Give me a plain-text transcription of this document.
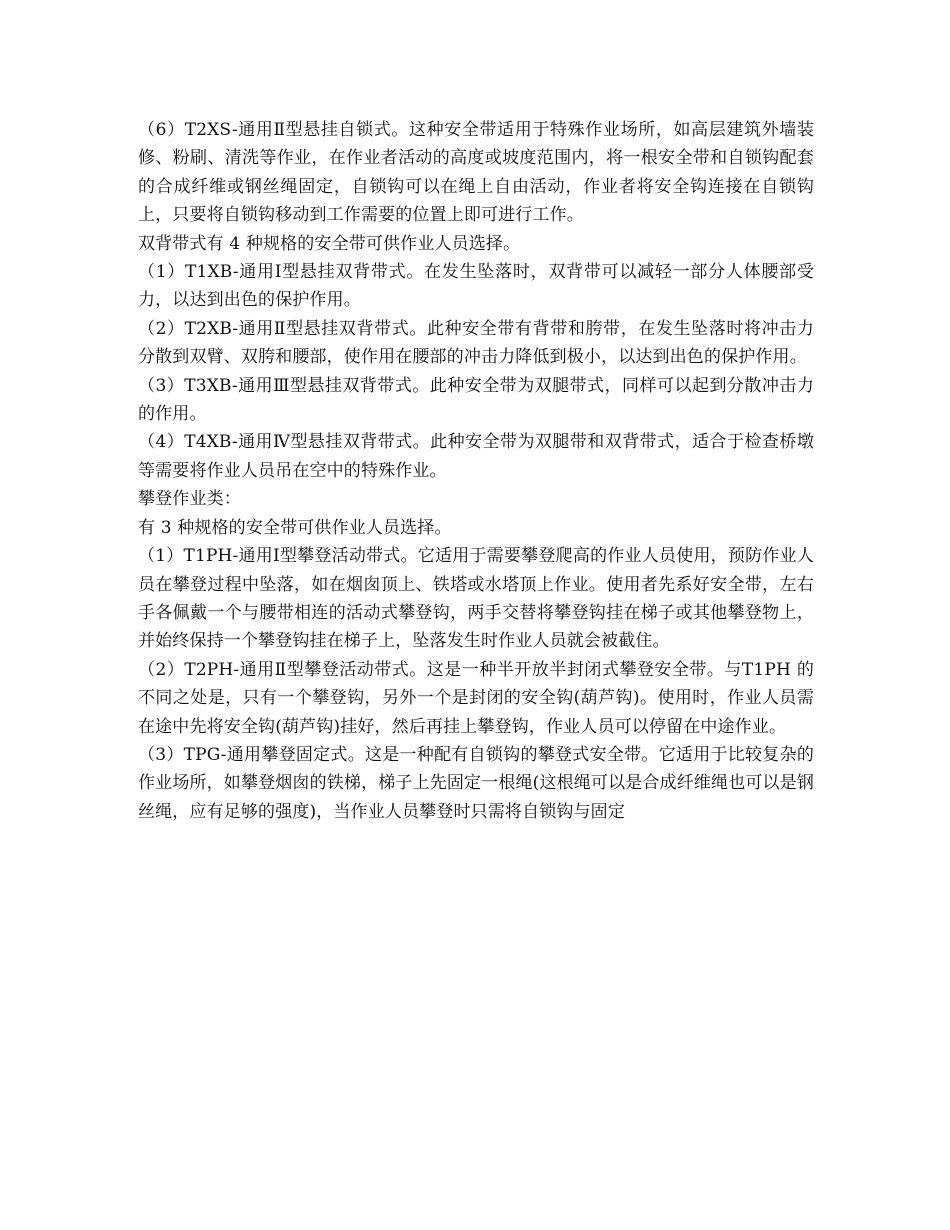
（6）T2XS-通用Ⅱ型悬挂自锁式。这种安全带适用于特殊作业场所，如高层建筑外墙装修、粉刷、清洗等作业，在作业者活动的高度或坡度范围内，将一根安全带和自锁钩配套的合成纤维或钢丝绳固定，自锁钩可以在绳上自由活动，作业者将安全钩连接在自锁钩上，只要将自锁钩移动到工作需要的位置上即可进行工作。

双背带式有 4 种规格的安全带可供作业人员选择。

（1）T1XB-通用Ⅰ型悬挂双背带式。在发生坠落时，双背带可以减轻一部分人体腰部受力，以达到出色的保护作用。

（2）T2XB-通用Ⅱ型悬挂双背带式。此种安全带有背带和胯带，在发生坠落时将冲击力分散到双臂、双胯和腰部，使作用在腰部的冲击力降低到极小，以达到出色的保护作用。

（3）T3XB-通用Ⅲ型悬挂双背带式。此种安全带为双腿带式，同样可以起到分散冲击力的作用。

（4）T4XB-通用Ⅳ型悬挂双背带式。此种安全带为双腿带和双背带式，适合于检查桥墩等需要将作业人员吊在空中的特殊作业。

攀登作业类：

有 3 种规格的安全带可供作业人员选择。

（1）T1PH-通用Ⅰ型攀登活动带式。它适用于需要攀登爬高的作业人员使用，预防作业人员在攀登过程中坠落，如在烟囱顶上、铁塔或水塔顶上作业。使用者先系好安全带，左右手各佩戴一个与腰带相连的活动式攀登钩，两手交替将攀登钩挂在梯子或其他攀登物上，并始终保持一个攀登钩挂在梯子上，坠落发生时作业人员就会被截住。

（2）T2PH-通用Ⅱ型攀登活动带式。这是一种半开放半封闭式攀登安全带。与T1PH 的不同之处是，只有一个攀登钩，另外一个是封闭的安全钩(葫芦钩)。使用时，作业人员需在途中先将安全钩(葫芦钩)挂好，然后再挂上攀登钩，作业人员可以停留在中途作业。

（3）TPG-通用攀登固定式。这是一种配有自锁钩的攀登式安全带。它适用于比较复杂的作业场所，如攀登烟囱的铁梯，梯子上先固定一根绳(这根绳可以是合成纤维绳也可以是钢丝绳，应有足够的强度)，当作业人员攀登时只需将自锁钩与固定
